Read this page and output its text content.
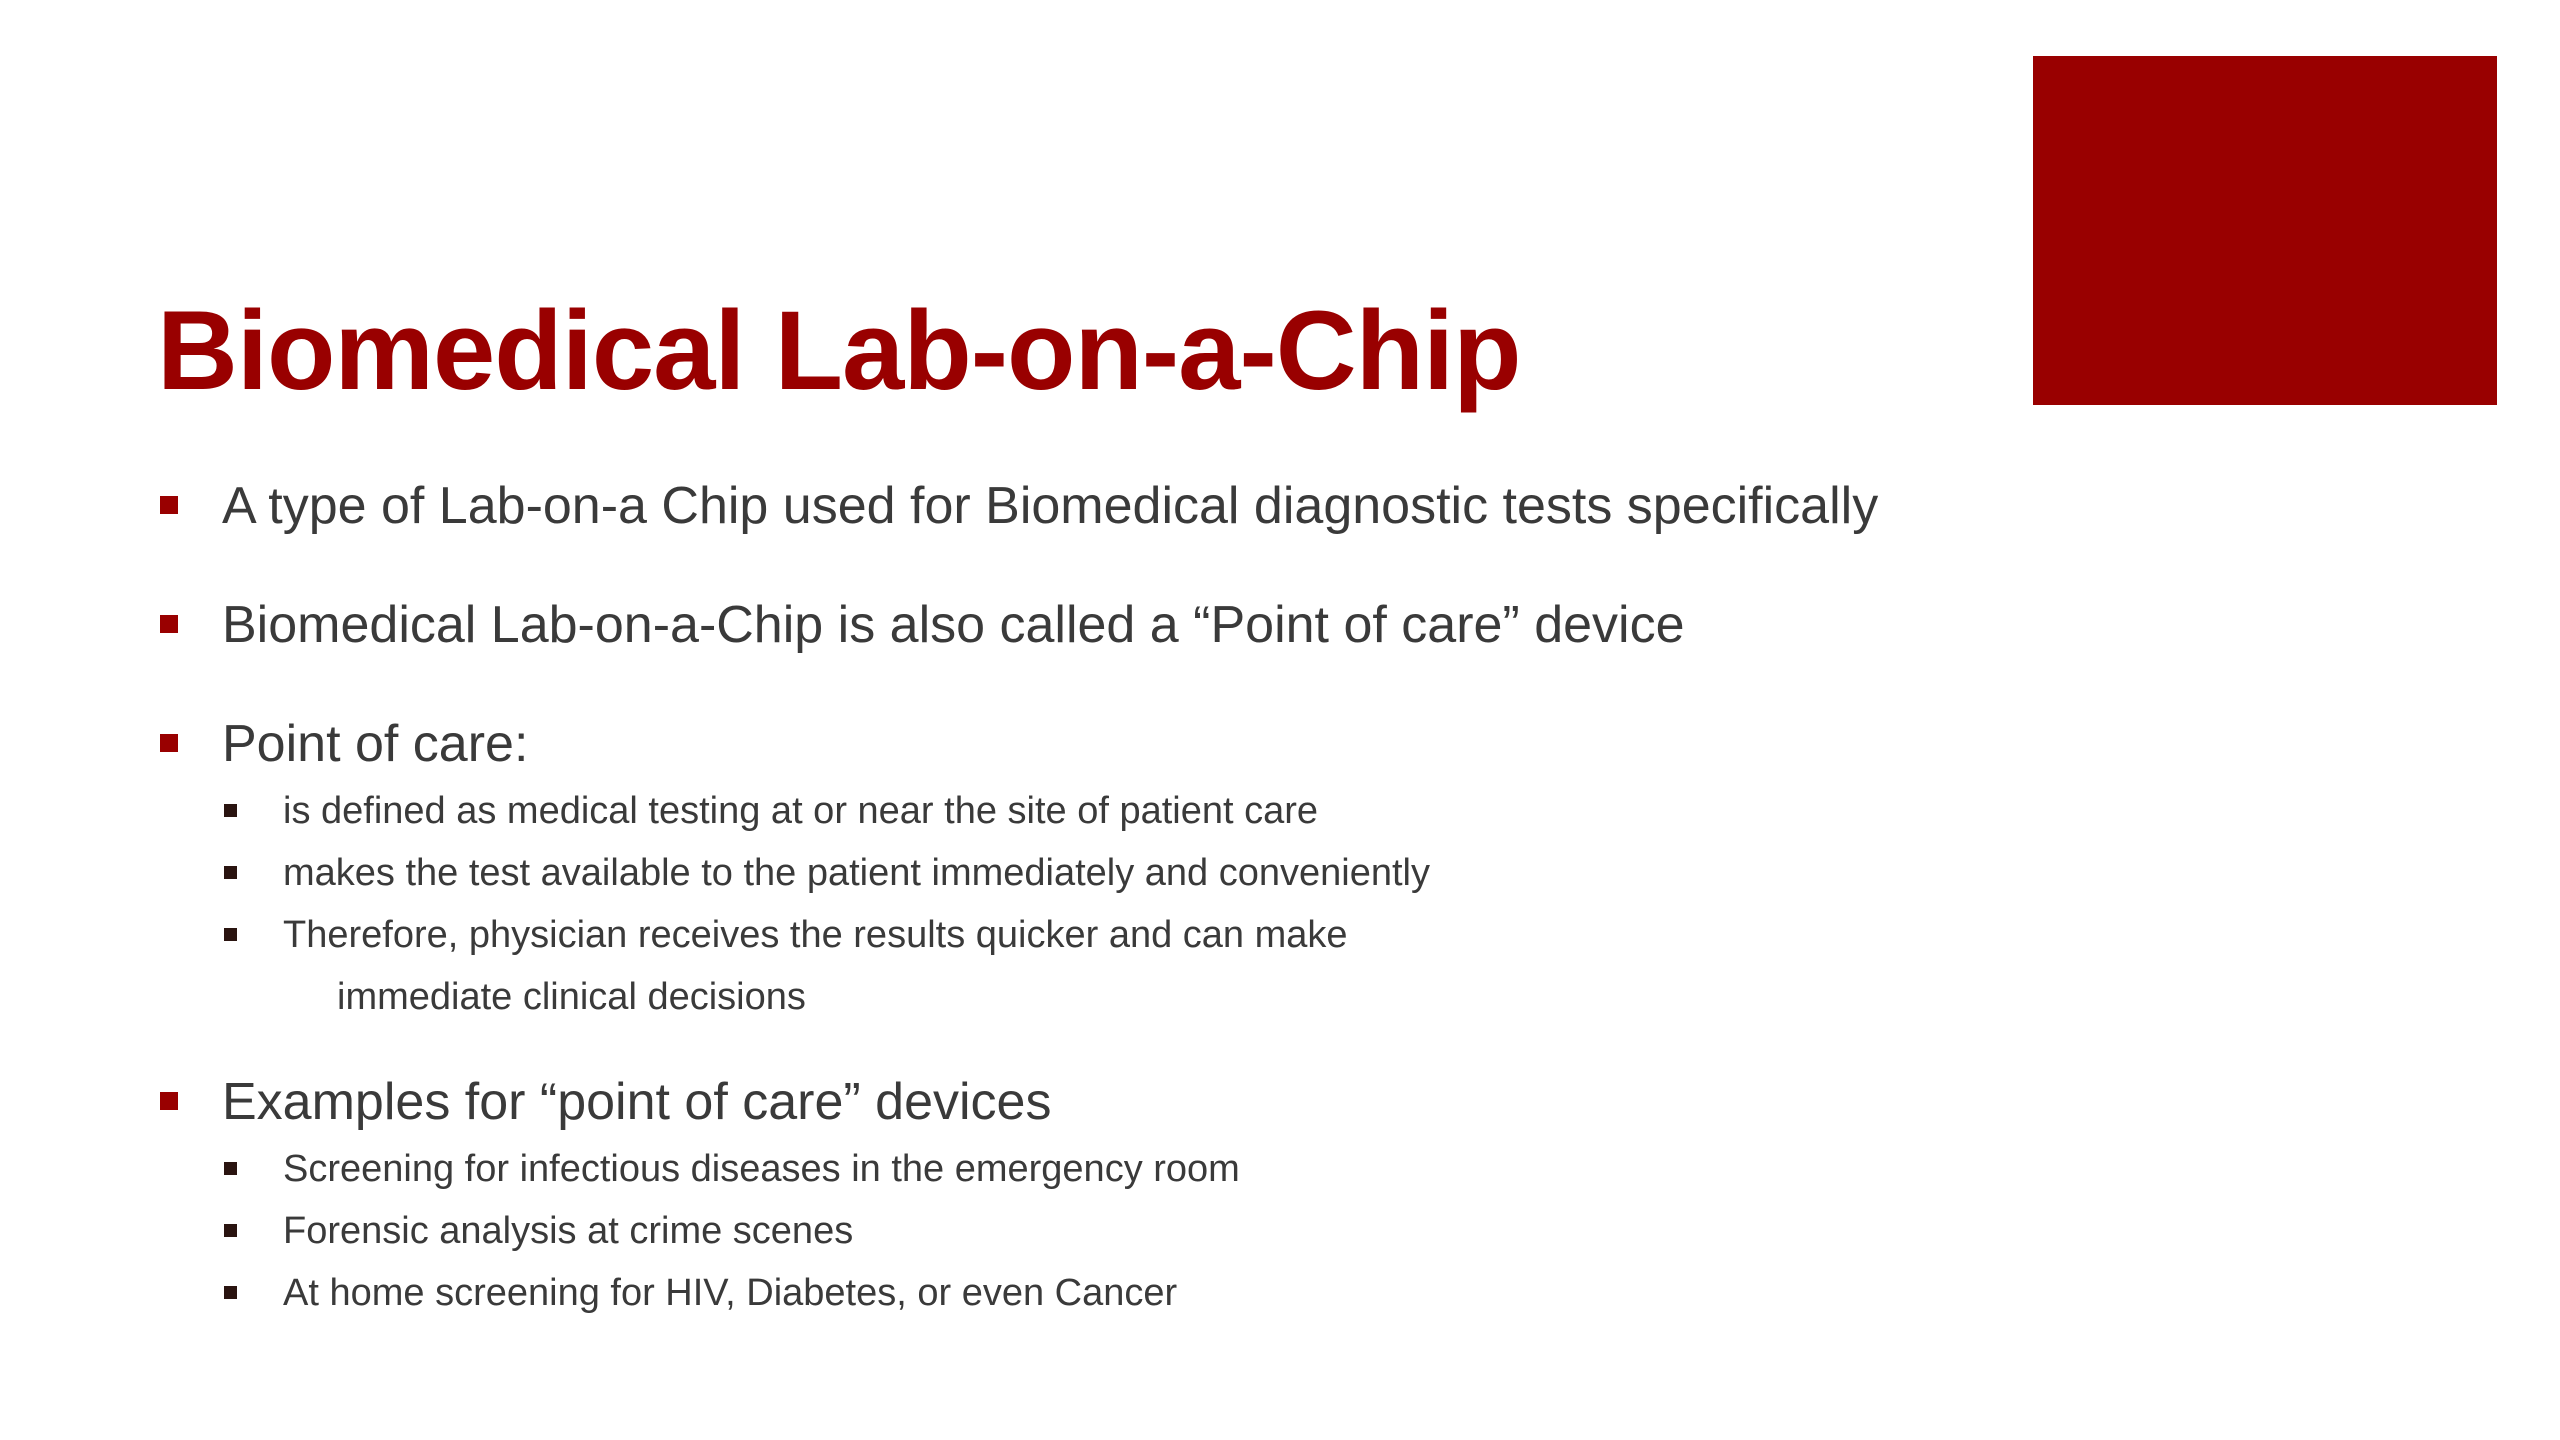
Biomedical Lab-on-a-Chip
A type of Lab-on-a Chip used for Biomedical diagnostic tests specifically
Biomedical Lab-on-a-Chip is also called a “Point of care” device
Point of care:
is defined as medical testing at or near the site of patient care
makes the test available to the patient immediately and conveniently
Therefore, physician receives the results quicker and can make
immediate clinical decisions
Examples for “point of care” devices
Screening for infectious diseases in the emergency room
Forensic analysis at crime scenes
At home screening for HIV, Diabetes, or even Cancer
